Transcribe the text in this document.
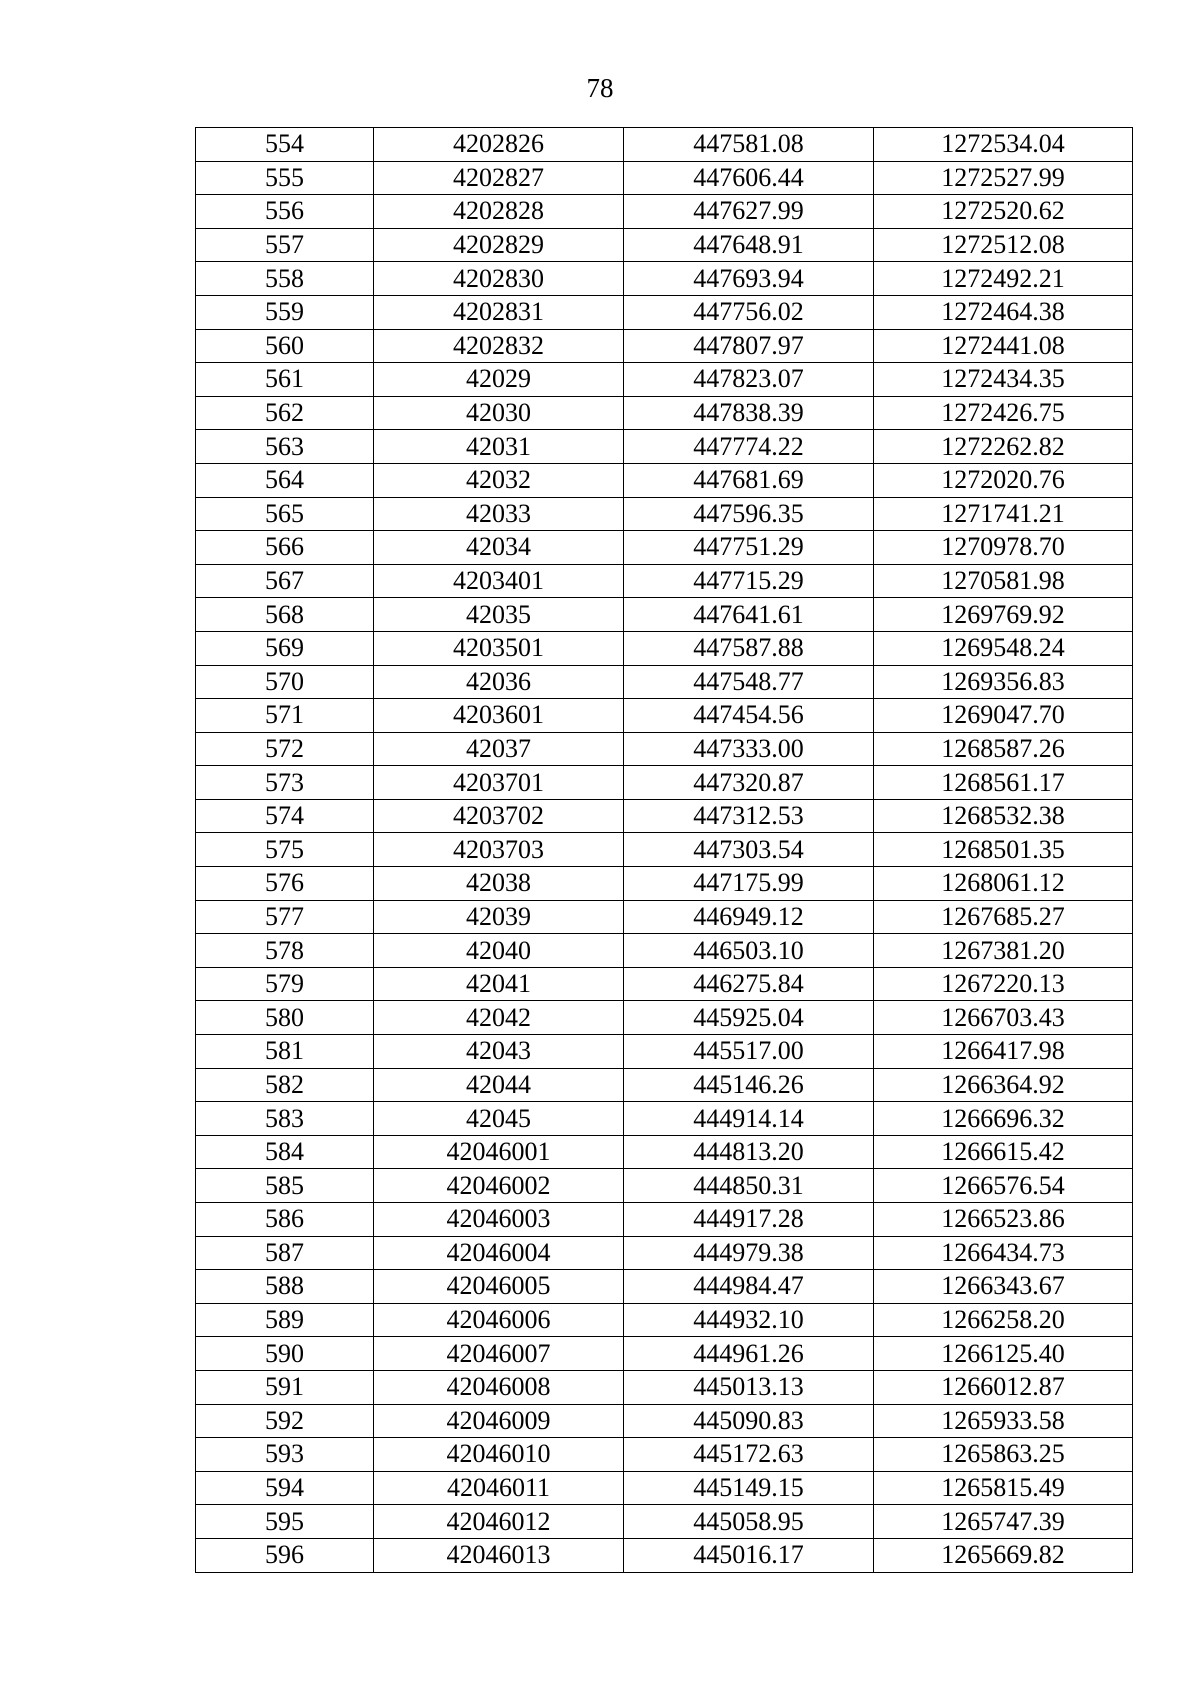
78
554	4202826	447581.08	1272534.04
555	4202827	447606.44	1272527.99
556	4202828	447627.99	1272520.62
557	4202829	447648.91	1272512.08
558	4202830	447693.94	1272492.21
559	4202831	447756.02	1272464.38
560	4202832	447807.97	1272441.08
561	42029	447823.07	1272434.35
562	42030	447838.39	1272426.75
563	42031	447774.22	1272262.82
564	42032	447681.69	1272020.76
565	42033	447596.35	1271741.21
566	42034	447751.29	1270978.70
567	4203401	447715.29	1270581.98
568	42035	447641.61	1269769.92
569	4203501	447587.88	1269548.24
570	42036	447548.77	1269356.83
571	4203601	447454.56	1269047.70
572	42037	447333.00	1268587.26
573	4203701	447320.87	1268561.17
574	4203702	447312.53	1268532.38
575	4203703	447303.54	1268501.35
576	42038	447175.99	1268061.12
577	42039	446949.12	1267685.27
578	42040	446503.10	1267381.20
579	42041	446275.84	1267220.13
580	42042	445925.04	1266703.43
581	42043	445517.00	1266417.98
582	42044	445146.26	1266364.92
583	42045	444914.14	1266696.32
584	42046001	444813.20	1266615.42
585	42046002	444850.31	1266576.54
586	42046003	444917.28	1266523.86
587	42046004	444979.38	1266434.73
588	42046005	444984.47	1266343.67
589	42046006	444932.10	1266258.20
590	42046007	444961.26	1266125.40
591	42046008	445013.13	1266012.87
592	42046009	445090.83	1265933.58
593	42046010	445172.63	1265863.25
594	42046011	445149.15	1265815.49
595	42046012	445058.95	1265747.39
596	42046013	445016.17	1265669.82
